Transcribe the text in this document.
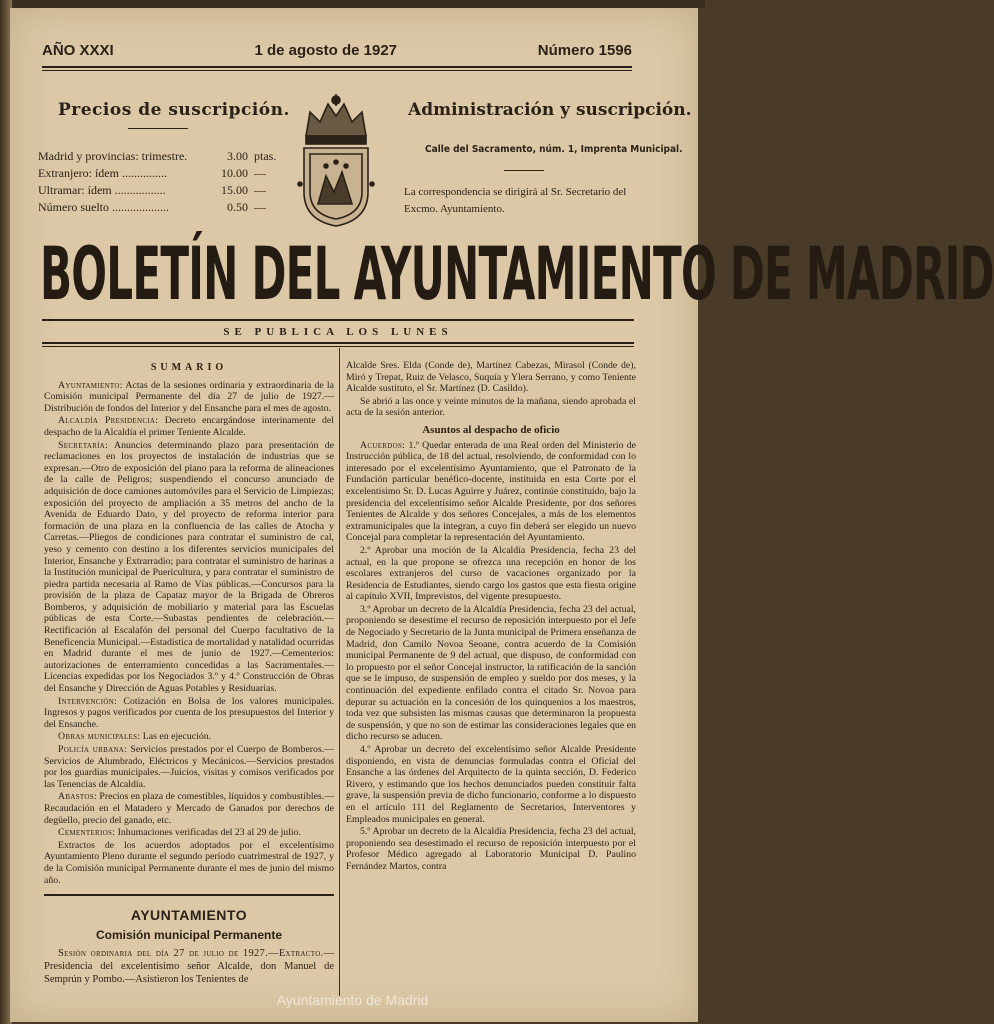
AÑO XXXI	1 de agosto de 1927	Número 1596
Precios de suscripción.
Madrid y provincias: trimestre.	3.00 ptas.
Extranjero: ídem ...............	10.00 —
Ultramar: ídem .................	15.00 —
Número suelto ...................	0.50 —
Administración y suscripción.
Calle del Sacramento, núm. 1, Imprenta Municipal.
La correspondencia se dirigirá al Sr. Secretario del Excmo. Ayuntamiento.
BOLETÍN DEL AYUNTAMIENTO DE MADRID
SE PUBLICA LOS LUNES
SUMARIO

Ayuntamiento: Actas de la sesiones ordinaria y extraordinaria de la Comisión municipal Permanente del día 27 de julio de 1927.—Distribución de fondos del Interior y del Ensanche para el mes de agosto.

Alcaldía Presidencia: Decreto encargándose interinamente del despacho de la Alcaldía el primer Teniente Alcalde.

Secretaría: Anuncios determinando plazo para presentación de reclamaciones en los proyectos de instalación de industrias que se expresan.—Otro de exposición del plano para la reforma de alineaciones de la calle de Peligros; suspendiendo el concurso anunciado de adquisición de doce camiones automóviles para el Servicio de Limpiezas; exposición del proyecto de ampliación a 35 metros del ancho de la Avenida de Eduardo Dato, y del proyecto de reforma interior para formación de una plaza en la confluencia de las calles de Atocha y Carretas.—Pliegos de condiciones para contratar el suministro de cal, yeso y cemento con destino a los diferentes servicios municipales del Interior, Ensanche y Extrarradio; para contratar el suministro de harinas a la Institución municipal de Puericultura, y para contratar el suministro de piedra partida necesaria al Ramo de Vías públicas.—Concursos para la provisión de la plaza de Capataz mayor de la Brigada de Obreros Bomberos, y adquisición de mobiliario y material para las Escuelas públicas de esta Corte.—Subastas pendientes de celebración.—Rectificación al Escalafón del personal del Cuerpo facultativo de la Beneficencia Municipal.—Estadística de mortalidad y natalidad ocurridas en Madrid durante el mes de junio de 1927.—Cementerios: autorizaciones de enterramiento concedidas a las Sacramentales.—Licencias expedidas por los Negociados 3.º y 4.º Construcción de Obras del Ensanche y Dirección de Aguas Potables y Residuarias.

Intervención: Cotización en Bolsa de los valores municipales. Ingresos y pagos verificados por cuenta de los presupuestos del Interior y del Ensanche.

Obras municipales: Las en ejecución.

Policía urbana: Servicios prestados por el Cuerpo de Bomberos.—Servicios de Alumbrado, Eléctricos y Mecánicos.—Servicios prestados por los guardias municipales.—Juicios, visitas y comisos verificados por las Tenencias de Alcaldía.

Abastos: Precios en plaza de comestibles, líquidos y combustibles.—Recaudación en el Matadero y Mercado de Ganados por derechos de degüello, precio del ganado, etc.

Cementerios: Inhumaciones verificadas del 23 al 29 de julio.

Extractos de los acuerdos adoptados por el excelentísimo Ayuntamiento Pleno durante el segundo período cuatrimestral de 1927, y de la Comisión municipal Permanente durante el mes de junio del mismo año.

AYUNTAMIENTO
Comisión municipal Permanente

Sesión ordinaria del día 27 de julio de 1927.—Extracto.—Presidencia del excelentísimo señor Alcalde, don Manuel de Semprún y Pombo.—Asistieron los Tenientes de

Alcalde Sres. Elda (Conde de), Martínez Cabezas, Mirasol (Conde de), Miró y Trepat, Ruiz de Velasco, Suquía y Ylera Serrano, y como Teniente Alcalde sustituto, el Sr. Martínez (D. Casildo).

Se abrió a las once y veinte minutos de la mañana, siendo aprobada el acta de la sesión anterior.

Asuntos al despacho de oficio

Acuerdos: 1.º Quedar enterada de una Real orden del Ministerio de Instrucción pública, de 18 del actual, resolviendo, de conformidad con lo interesado por el excelentísimo Ayuntamiento, que el Patronato de la Fundación particular benéfico-docente, instituida en esta Corte por el excelentísimo Sr. D. Lucas Aguirre y Juárez, continúe constituído, bajo la presidencia del excelentísimo señor Alcalde Presidente, por dos señores Tenientes de Alcalde y dos señores Concejales, a más de los elementos extramunicipales que la integran, a cuyo fin deberá ser elegido un nuevo Concejal para completar la representación del Ayuntamiento.

2.º Aprobar una moción de la Alcaldía Presidencia, fecha 23 del actual, en la que propone se ofrezca una recepción en honor de los escolares extranjeros del curso de vacaciones organizado por la Residencia de Estudiantes, siendo cargo los gastos que esta fiesta origine al capítulo XVII, Imprevistos, del vigente presupuesto.

3.º Aprobar un decreto de la Alcaldía Presidencia, fecha 23 del actual, proponiendo se desestime el recurso de reposición interpuesto por el Jefe de Negociado y Secretario de la Junta municipal de Primera enseñanza de Madrid, don Camilo Novoa Seoane, contra acuerdo de la Comisión municipal Permanente de 9 del actual, que dispuso, de conformidad con lo propuesto por el señor Concejal instructor, la ratificación de la sanción que se le impuso, de suspensión de empleo y sueldo por dos meses, y la continuación del expediente enfilado contra el citado Sr. Novoa para depurar su actuación en la concesión de los quinquenios a los maestros, toda vez que subsisten las mismas causas que determinaron la propuesta de suspensión, y que no son de estimar las consideraciones legales que en dicho recurso se aducen.

4.º Aprobar un decreto del excelentísimo señor Alcalde Presidente disponiendo, en vista de denuncias formuladas contra el Oficial del Ensanche a las órdenes del Arquitecto de la quinta sección, D. Federico Rivero, y estimando que los hechos denunciados pueden constituir falta grave, la suspensión previa de dicho funcionario, conforme a lo dispuesto en el artículo 111 del Reglamento de Secretarios, Interventores y Empleados municipales en general.

5.º Aprobar un decreto de la Alcaldía Presidencia, fecha 23 del actual, proponiendo sea desestimado el recurso de reposición interpuesto por el Profesor Médico agregado al Laboratorio Municipal D. Paulino Fernández Martos, contra

Ayuntamiento de Madrid
